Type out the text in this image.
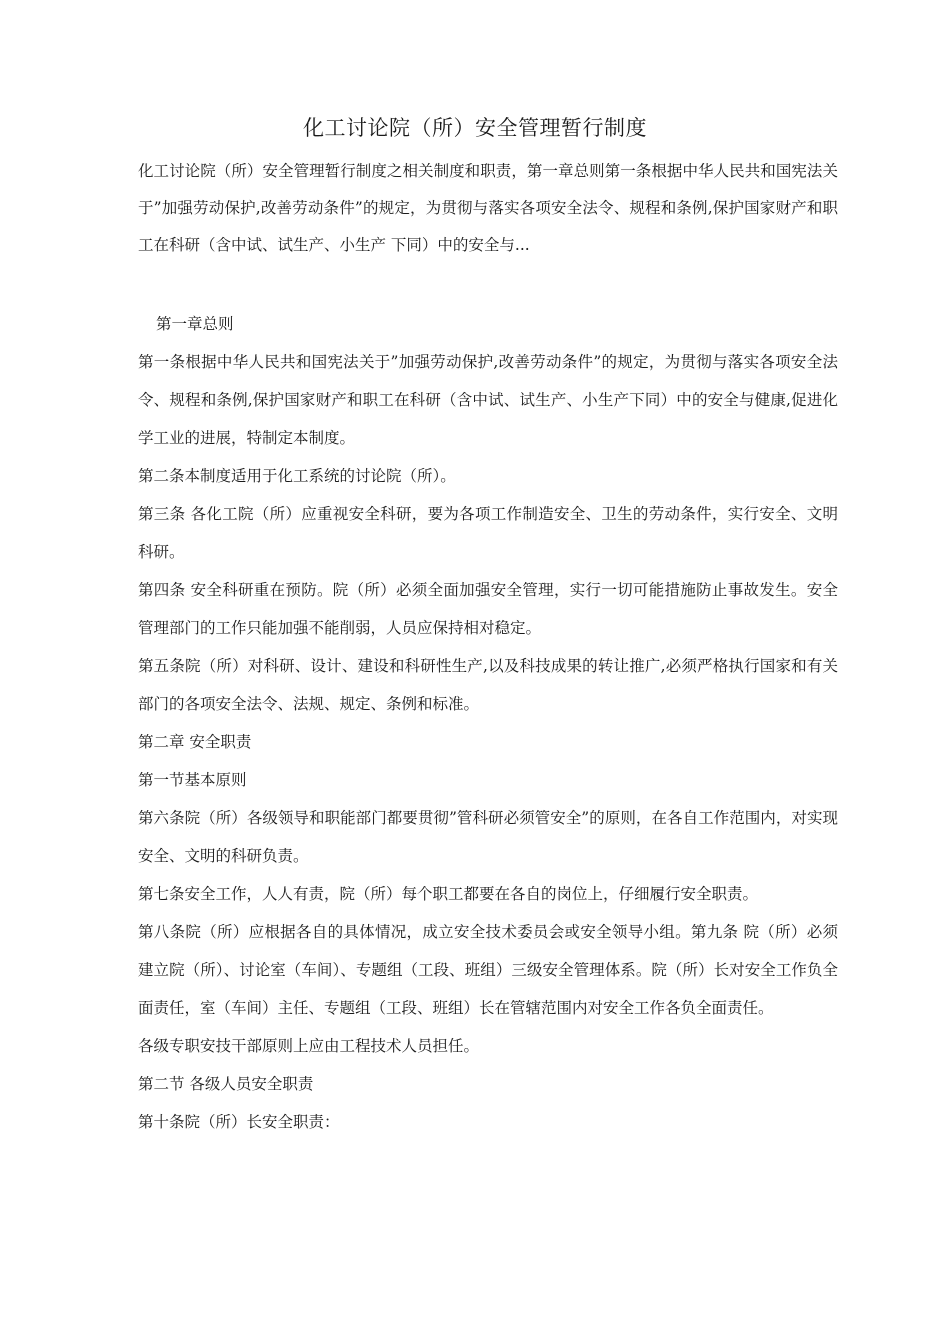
化工讨论院（所）安全管理暂行制度

化工讨论院（所）安全管理暂行制度之相关制度和职责，第一章总则第一条根据中华人民共和国宪法关于”加强劳动保护,改善劳动条件”的规定，为贯彻与落实各项安全法令、规程和条例,保护国家财产和职工在科研（含中试、试生产、小生产 下同）中的安全与...

第一章总则

第一条根据中华人民共和国宪法关于”加强劳动保护,改善劳动条件”的规定，为贯彻与落实各项安全法令、规程和条例,保护国家财产和职工在科研（含中试、试生产、小生产下同）中的安全与健康,促进化学工业的进展，特制定本制度。

第二条本制度适用于化工系统的讨论院（所）。

第三条 各化工院（所）应重视安全科研，要为各项工作制造安全、卫生的劳动条件，实行安全、文明科研。

第四条 安全科研重在预防。院（所）必须全面加强安全管理，实行一切可能措施防止事故发生。安全管理部门的工作只能加强不能削弱，人员应保持相对稳定。

第五条院（所）对科研、设计、建设和科研性生产,以及科技成果的转让推广,必须严格执行国家和有关部门的各项安全法令、法规、规定、条例和标准。

第二章 安全职责

第一节基本原则

第六条院（所）各级领导和职能部门都要贯彻”管科研必须管安全”的原则，在各自工作范围内，对实现安全、文明的科研负责。

第七条安全工作，人人有责，院（所）每个职工都要在各自的岗位上，仔细履行安全职责。

第八条院（所）应根据各自的具体情况，成立安全技术委员会或安全领导小组。第九条 院（所）必须建立院（所）、讨论室（车间）、专题组（工段、班组）三级安全管理体系。院（所）长对安全工作负全面责任，室（车间）主任、专题组（工段、班组）长在管辖范围内对安全工作各负全面责任。

各级专职安技干部原则上应由工程技术人员担任。

第二节 各级人员安全职责

第十条院（所）长安全职责：
